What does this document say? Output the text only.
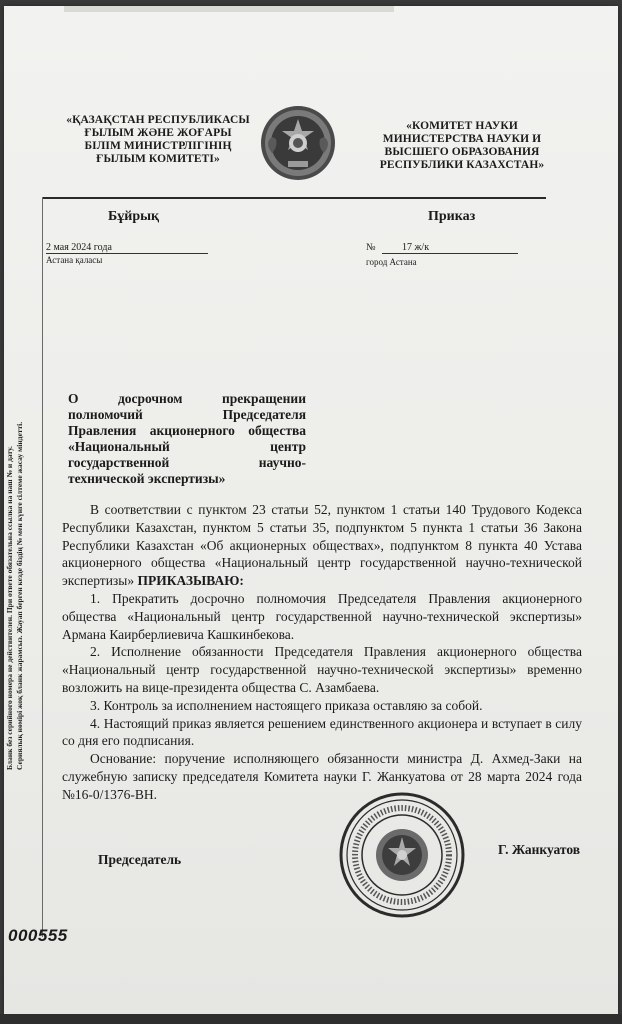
«ҚАЗАҚСТАН РЕСПУБЛИКАСЫ
ҒЫЛЫМ ЖӘНЕ ЖОҒАРЫ
БІЛІМ МИНИСТРЛІГІНІҢ
ҒЫЛЫМ КОМИТЕТІ»
«КОМИТЕТ НАУКИ
МИНИСТЕРСТВА НАУКИ И
ВЫСШЕГО ОБРАЗОВАНИЯ
РЕСПУБЛИКИ КАЗАХСТАН»
Бұйрық	Приказ
2 мая 2024 года
Астана қаласы
№	17 ж/к
город Астана
О досрочном прекращении
полномочий Председателя
Правления акционерного общества
«Национальный центр
государственной научно-
технической экспертизы»

В соответствии с пунктом 23 статьи 52, пунктом 1 статьи 140 Трудового Кодекса Республики Казахстан, пунктом 5 статьи 35, подпунктом 5 пункта 1 статьи 36 Закона Республики Казахстан «Об акционерных обществах», подпунктом 8 пункта 40 Устава акционерного общества «Национальный центр государственной научно-технической экспертизы» ПРИКАЗЫВАЮ:

1. Прекратить досрочно полномочия Председателя Правления акционерного общества «Национальный центр государственной научно-технической экспертизы» Армана Каирберлиевича Кашкинбекова.

2. Исполнение обязанности Председателя Правления акционерного общества «Национальный центр государственной научно-технической экспертизы» временно возложить на вице-президента общества С. Азамбаева.

3. Контроль за исполнением настоящего приказа оставляю за собой.

4. Настоящий приказ является решением единственного акционера и вступает в силу со дня его подписания.

Основание: поручение исполняющего обязанности министра Д. Ахмед-Заки на служебную записку председателя Комитета науки Г. Жанкуатова от 28 марта 2024 года №16-0/1376-ВН.

Председатель
Г. Жанкуатов
Бланк без серийного номера не действителен. При ответе обязательна ссылка на наш № и дату. Сериялық нөмірі жоқ бланк жарамсыз. Жауап берген кезде біздің № мен күнге сілтеме жасау міндетті.
000555
